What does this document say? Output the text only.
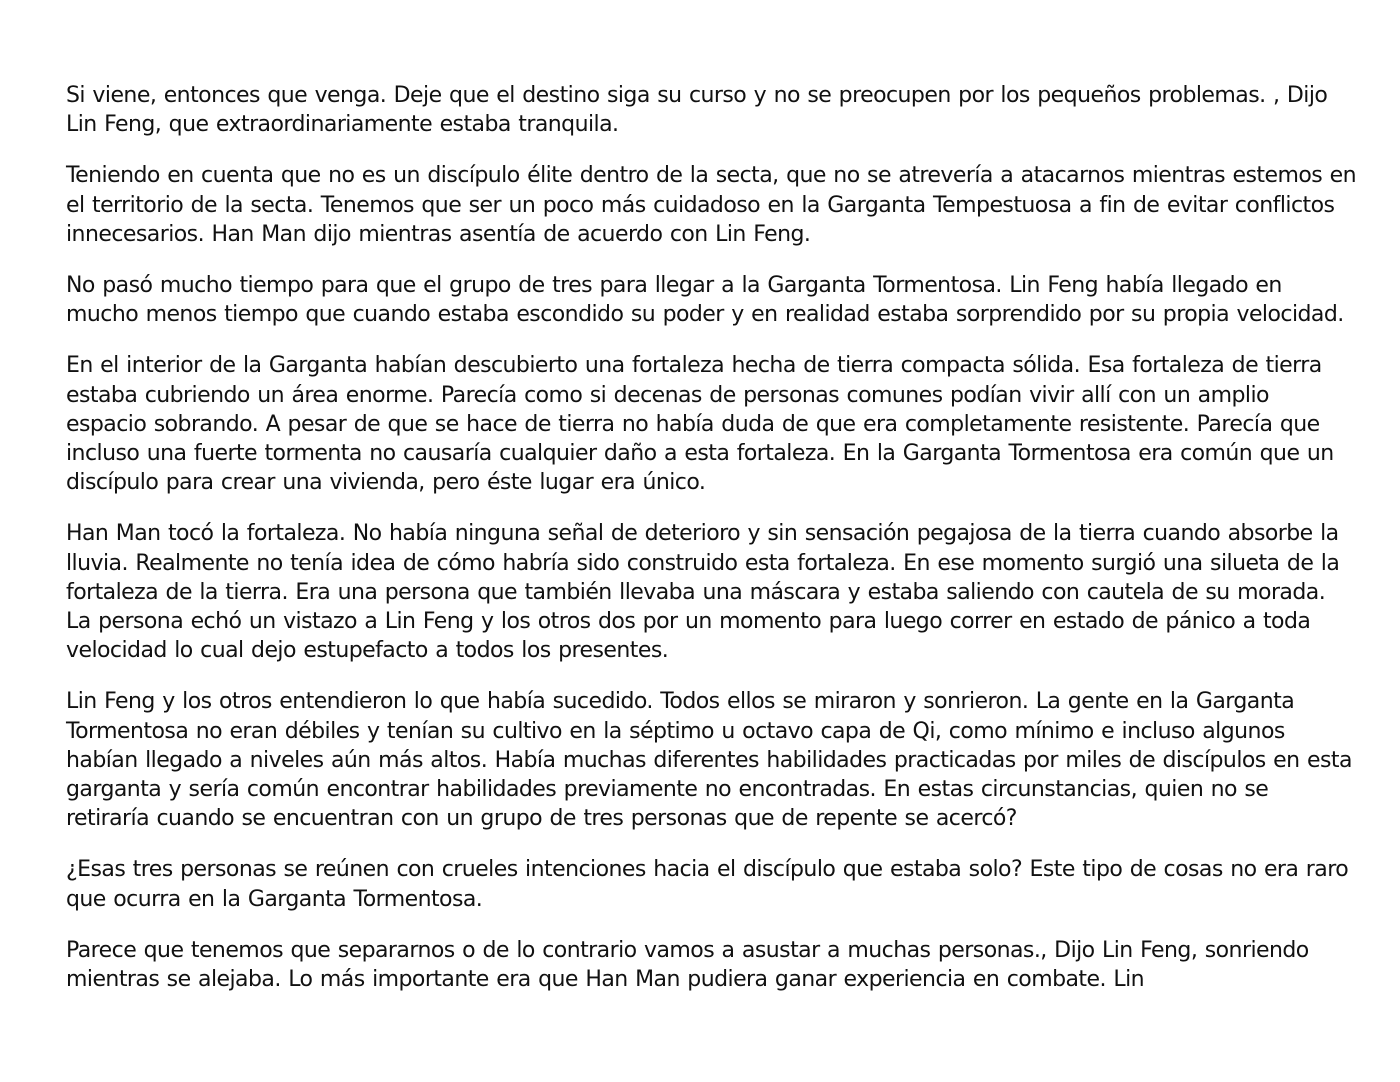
Si viene, entonces que venga. Deje que el destino siga su curso y no se preocupen por los pequeños problemas. , Dijo Lin Feng, que extraordinariamente estaba tranquila.

Teniendo en cuenta que no es un discípulo élite dentro de la secta, que no se atrevería a atacarnos mientras estemos en el territorio de la secta. Tenemos que ser un poco más cuidadoso en la Garganta Tempestuosa a fin de evitar conflictos innecesarios. Han Man dijo mientras asentía de acuerdo con Lin Feng.

No pasó mucho tiempo para que el grupo de tres para llegar a la Garganta Tormentosa. Lin Feng había llegado en mucho menos tiempo que cuando estaba escondido su poder y en realidad estaba sorprendido por su propia velocidad.

En el interior de la Garganta habían descubierto una fortaleza hecha de tierra compacta sólida. Esa fortaleza de tierra estaba cubriendo un área enorme. Parecía como si decenas de personas comunes podían vivir allí con un amplio espacio sobrando. A pesar de que se hace de tierra no había duda de que era completamente resistente. Parecía que incluso una fuerte tormenta no causaría cualquier daño a esta fortaleza. En la Garganta Tormentosa era común que un discípulo para crear una vivienda, pero éste lugar era único.

Han Man tocó la fortaleza. No había ninguna señal de deterioro y sin sensación pegajosa de la tierra cuando absorbe la lluvia. Realmente no tenía idea de cómo habría sido construido esta fortaleza. En ese momento surgió una silueta de la fortaleza de la tierra. Era una persona que también llevaba una máscara y estaba saliendo con cautela de su morada. La persona echó un vistazo a Lin Feng y los otros dos por un momento para luego correr en estado de pánico a toda velocidad lo cual dejo estupefacto a todos los presentes.

Lin Feng y los otros entendieron lo que había sucedido. Todos ellos se miraron y sonrieron. La gente en la Garganta Tormentosa no eran débiles y tenían su cultivo en la séptimo u octavo capa de Qi, como mínimo e incluso algunos habían llegado a niveles aún más altos. Había muchas diferentes habilidades practicadas por miles de discípulos en esta garganta y sería común encontrar habilidades previamente no encontradas. En estas circunstancias, quien no se retiraría cuando se encuentran con un grupo de tres personas que de repente se acercó?

¿Esas tres personas se reúnen con crueles intenciones hacia el discípulo que estaba solo? Este tipo de cosas no era raro que ocurra en la Garganta Tormentosa.

Parece que tenemos que separarnos o de lo contrario vamos a asustar a muchas personas., Dijo Lin Feng, sonriendo mientras se alejaba. Lo más importante era que Han Man pudiera ganar experiencia en combate. Lin
